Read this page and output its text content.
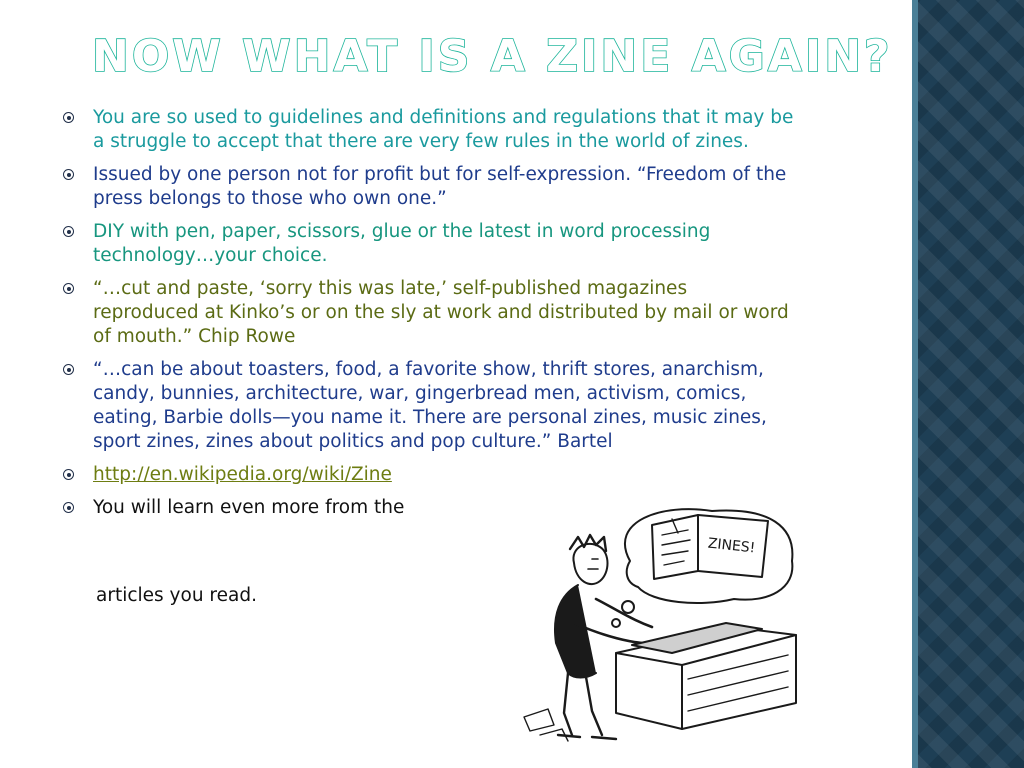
NOW WHAT IS A ZINE AGAIN?
You are so used to guidelines and definitions and regulations that it may be a struggle to accept that there are very few rules in the world of zines.
Issued by one person not for profit but for self-expression. “Freedom of the press belongs to those who own one.”
DIY with pen, paper, scissors, glue or the latest in word processing technology…your choice.
“…cut and paste, ‘sorry this was late,’ self-published magazines reproduced at Kinko’s or on the sly at work and distributed by mail or word of mouth.” Chip Rowe
“…can be about toasters, food, a favorite show, thrift stores, anarchism, candy, bunnies, architecture, war, gingerbread men, activism, comics, eating, Barbie dolls—you name it. There are personal zines, music zines, sport zines, zines about politics and pop culture.” Bartel
http://en.wikipedia.org/wiki/Zine
You will learn even more from the
articles you read.
ZINES!
